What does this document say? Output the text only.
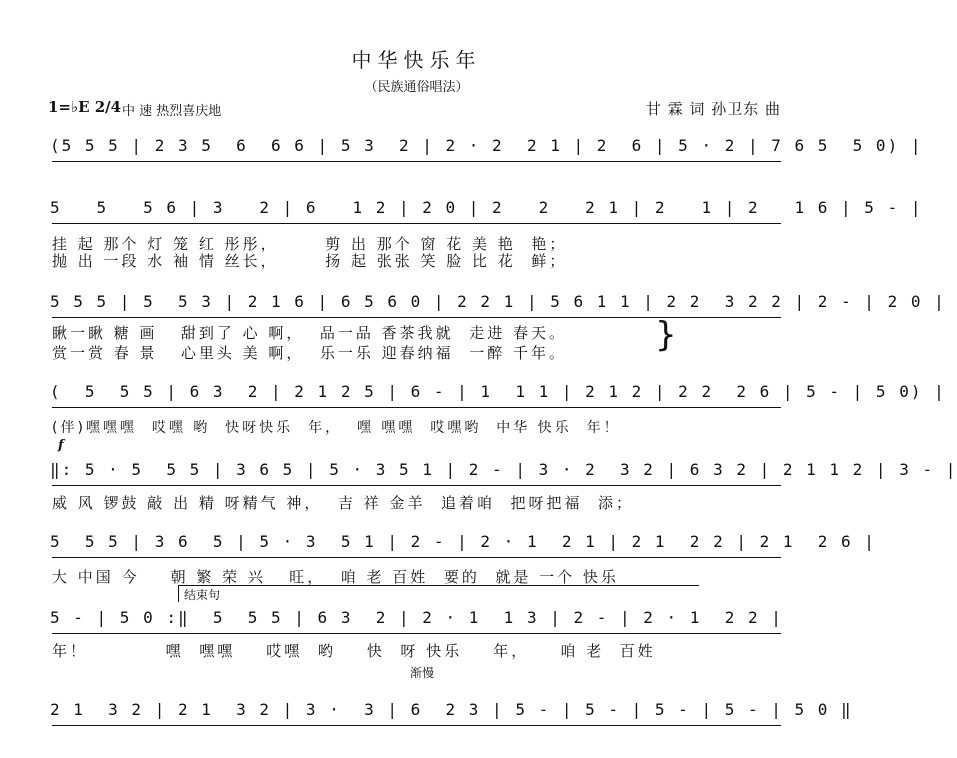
中华快乐年
（民族通俗唱法）
1=♭E 2/4 中 速 热烈喜庆地	甘 霖 词 孙卫东 曲
(5 5 5 | 2 3 5  6  6 6 | 5 3  2 | 2 · 2  2 1 | 2  6 | 5 · 2 | 7 6 5  5 0) |
5   5   5 6 | 3   2 | 6   1 2 | 2 0 | 2   2   2 1 | 2   1 | 2   1 6 | 5 - |
挂 起 那个 灯 笼 红 彤彤，      剪 出 那个 窗 花 美 艳  艳；
抛 出 一段 水 袖 情 丝长，      扬 起 张张 笑 脸 比 花  鲜；
5 5 5 | 5  5 3 | 2 1 6 | 6 5 6 0 | 2 2 1 | 5 6 1 1 | 2 2  3 2 2 | 2 - | 2 0 |
瞅一瞅 糖 画   甜到了 心 啊，  品一品 香茶我就  走进 春天。
赏一赏 春 景   心里头 美 啊，  乐一乐 迎春纳福  一醉 千年。	}
(  5  5 5 | 6 3  2 | 2 1 2 5 | 6 - | 1  1 1 | 2 1 2 | 2 2  2 6 | 5 - | 5 0) |
(伴)嘿嘿嘿  哎嘿 哟  快呀快乐  年，  嘿 嘿嘿  哎嘿哟  中华 快乐  年！
f
‖: 5 · 5  5 5 | 3 6 5 | 5 · 3 5 1 | 2 - | 3 · 2  3 2 | 6 3 2 | 2 1 1 2 | 3 - |
威 风 锣鼓 敲 出 精 呀精气 神，  吉 祥 金羊  追着咱  把呀把福  添；
5  5 5 | 3 6  5 | 5 · 3  5 1 | 2 - | 2 · 1  2 1 | 2 1  2 2 | 2 1  2 6 |
大 中国 今    朝 繁 荣 兴   旺，  咱 老 百姓  要的  就是 一个 快乐
结束句
5 - | 5 0 :‖  5  5 5 | 6 3  2 | 2 · 1  1 3 | 2 - | 2 · 1  2 2 |
年！          嘿  嘿嘿    哎嘿  哟    快  呀 快乐    年，    咱 老  百姓
渐慢
2 1  3 2 | 2 1  3 2 | 3 ·  3 | 6  2 3 | 5 - | 5 - | 5 - | 5 - | 5 0 ‖
